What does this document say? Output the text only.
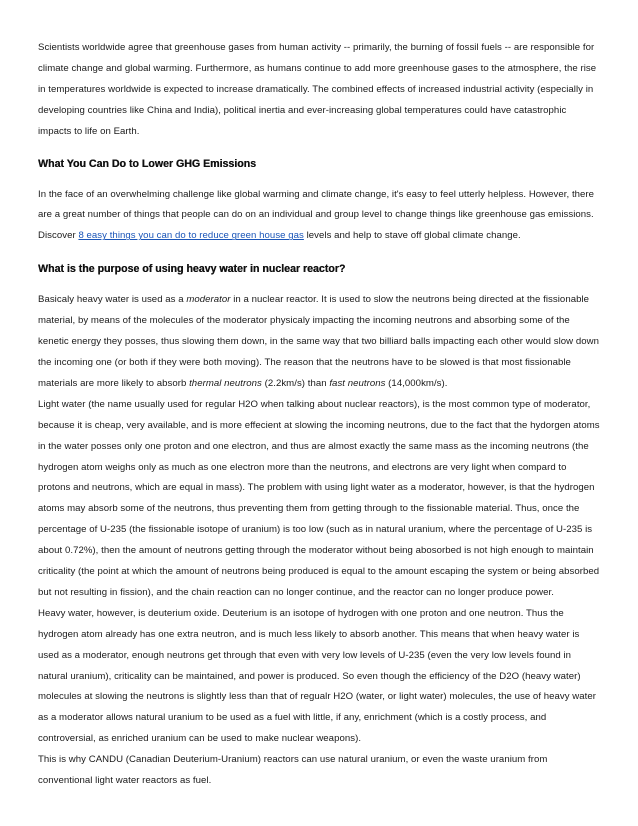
Scientists worldwide agree that greenhouse gases from human activity -- primarily, the burning of fossil fuels -- are responsible for climate change and global warming. Furthermore, as humans continue to add more greenhouse gases to the atmosphere, the rise in temperatures worldwide is expected to increase dramatically. The combined effects of increased industrial activity (especially in developing countries like China and India), political inertia and ever-increasing global temperatures could have catastrophic impacts to life on Earth.

What You Can Do to Lower GHG Emissions

In the face of an overwhelming challenge like global warming and climate change, it's easy to feel utterly helpless. However, there are a great number of things that people can do on an individual and group level to change things like greenhouse gas emissions. Discover 8 easy things you can do to reduce green house gas levels and help to stave off global climate change.

What is the purpose of using heavy water in nuclear reactor?

Basicaly heavy water is used as a moderator in a nuclear reactor. It is used to slow the neutrons being directed at the fissionable material, by means of the molecules of the moderator physicaly impacting the incoming neutrons and absorbing some of the kenetic energy they posses, thus slowing them down, in the same way that two billiard balls impacting each other would slow down the incoming one (or both if they were both moving). The reason that the neutrons have to be slowed is that most fissionable materials are more likely to absorb thermal neutrons (2.2km/s) than fast neutrons (14,000km/s).

Light water (the name usually used for regular H2O when talking about nuclear reactors), is the most common type of moderator, because it is cheap, very available, and is more effecient at slowing the incoming neutrons, due to the fact that the hydorgen atoms in the water posses only one proton and one electron, and thus are almost exactly the same mass as the incoming neutrons (the hydrogen atom weighs only as much as one electron more than the neutrons, and electrons are very light when compard to protons and neutrons, which are equal in mass). The problem with using light water as a moderator, however, is that the hydrogen atoms may absorb some of the neutrons, thus preventing them from getting through to the fissionable material. Thus, once the percentage of U-235 (the fissionable isotope of uranium) is too low (such as in natural uranium, where the percentage of U-235 is about 0.72%), then the amount of neutrons getting through the moderator without being abosorbed is not high enough to maintain criticality (the point at which the amount of neutrons being produced is equal to the amount escaping the system or being absorbed but not resulting in fission), and the chain reaction can no longer continue, and the reactor can no longer produce power.

Heavy water, however, is deuterium oxide. Deuterium is an isotope of hydrogen with one proton and one neutron. Thus the hydrogen atom already has one extra neutron, and is much less likely to absorb another. This means that when heavy water is used as a moderator, enough neutrons get through that even with very low levels of U-235 (even the very low levels found in natural uranium), criticality can be maintained, and power is produced. So even though the efficiency of the D2O (heavy water) molecules at slowing the neutrons is slightly less than that of regualr H2O (water, or light water) molecules, the use of heavy water as a moderator allows natural uranium to be used as a fuel with little, if any, enrichment (which is a costly process, and controversial, as enriched uranium can be used to make nuclear weapons).

This is why CANDU (Canadian Deuterium-Uranium) reactors can use natural uranium, or even the waste uranium from conventional light water reactors as fuel.
